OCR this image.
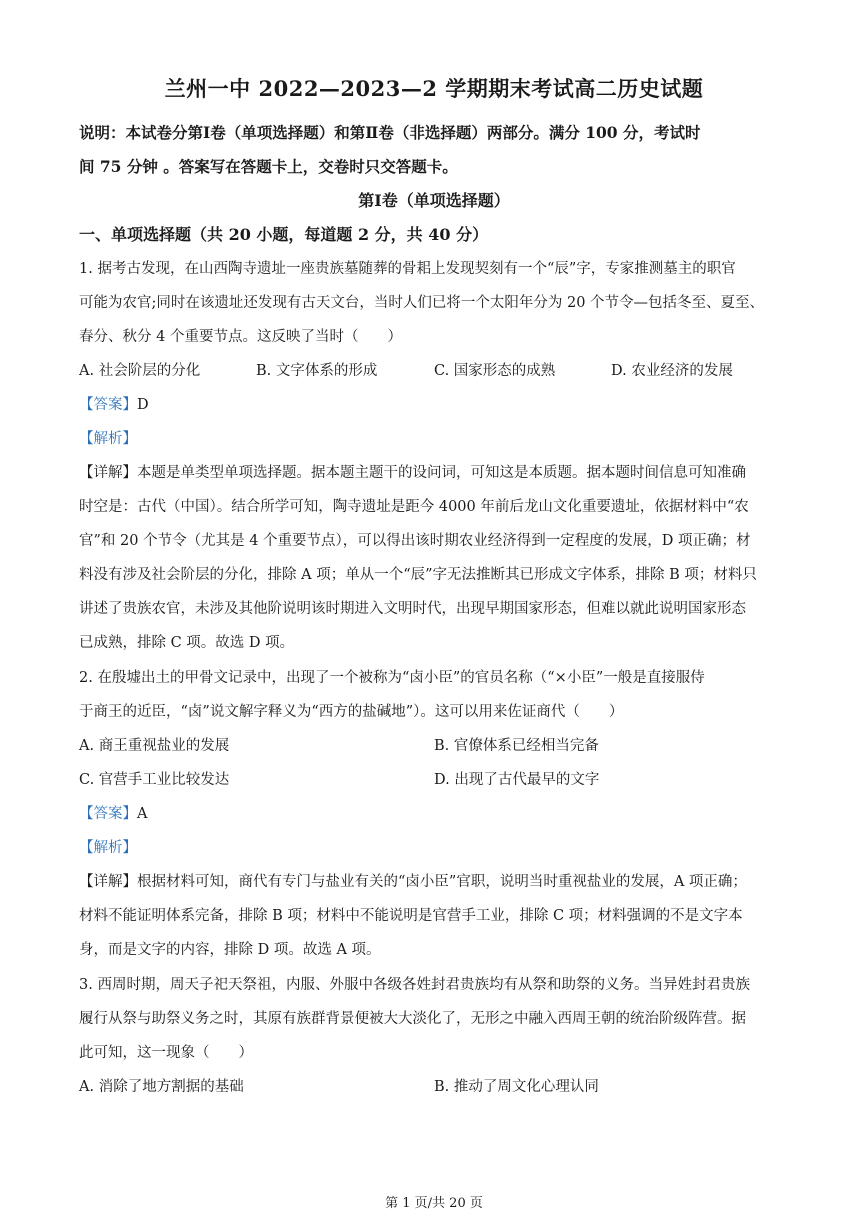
兰州一中 2022—2023—2 学期期末考试高二历史试题
说明：本试卷分第Ⅰ卷（单项选择题）和第Ⅱ卷（非选择题）两部分。满分 100 分，考试时
间 75 分钟 。答案写在答题卡上，交卷时只交答题卡。
第Ⅰ卷（单项选择题）
一、单项选择题（共 20 小题，每道题 2 分，共 40 分）
1. 据考古发现，在山西陶寺遗址一座贵族墓随葬的骨耜上发现契刻有一个“辰”字，专家推测墓主的职官
可能为农官;同时在该遗址还发现有古天文台，当时人们已将一个太阳年分为 20 个节令—包括冬至、夏至、
春分、秋分 4 个重要节点。这反映了当时（　　）
A. 社会阶层的分化	B. 文字体系的形成	C. 国家形态的成熟	D. 农业经济的发展
【答案】D
【解析】
【详解】本题是单类型单项选择题。据本题主题干的设问词，可知这是本质题。据本题时间信息可知准确
时空是：古代（中国）。结合所学可知，陶寺遗址是距今 4000 年前后龙山文化重要遗址，依据材料中“农
官”和 20 个节令（尤其是 4 个重要节点），可以得出该时期农业经济得到一定程度的发展，D 项正确；材
料没有涉及社会阶层的分化，排除 A 项；单从一个“辰”字无法推断其已形成文字体系，排除 B 项；材料只
讲述了贵族农官，未涉及其他阶说明该时期进入文明时代，出现早期国家形态，但难以就此说明国家形态
已成熟，排除 C 项。故选 D 项。
2. 在殷墟出土的甲骨文记录中，出现了一个被称为“卤小臣”的官员名称（“×小臣”一般是直接服侍
于商王的近臣，“卤”说文解字释义为“西方的盐碱地”）。这可以用来佐证商代（　　）
A. 商王重视盐业的发展	B. 官僚体系已经相当完备
C. 官营手工业比较发达	D. 出现了古代最早的文字
【答案】A
【解析】
【详解】根据材料可知，商代有专门与盐业有关的“卤小臣”官职，说明当时重视盐业的发展，A 项正确；
材料不能证明体系完备，排除 B 项；材料中不能说明是官营手工业，排除 C 项；材料强调的不是文字本
身，而是文字的内容，排除 D 项。故选 A 项。
3. 西周时期，周天子祀天祭祖，内服、外服中各级各姓封君贵族均有从祭和助祭的义务。当异姓封君贵族
履行从祭与助祭义务之时，其原有族群背景便被大大淡化了，无形之中融入西周王朝的统治阶级阵营。据
此可知，这一现象（　　）
A. 消除了地方割据的基础	B. 推动了周文化心理认同
第 1 页/共 20 页
